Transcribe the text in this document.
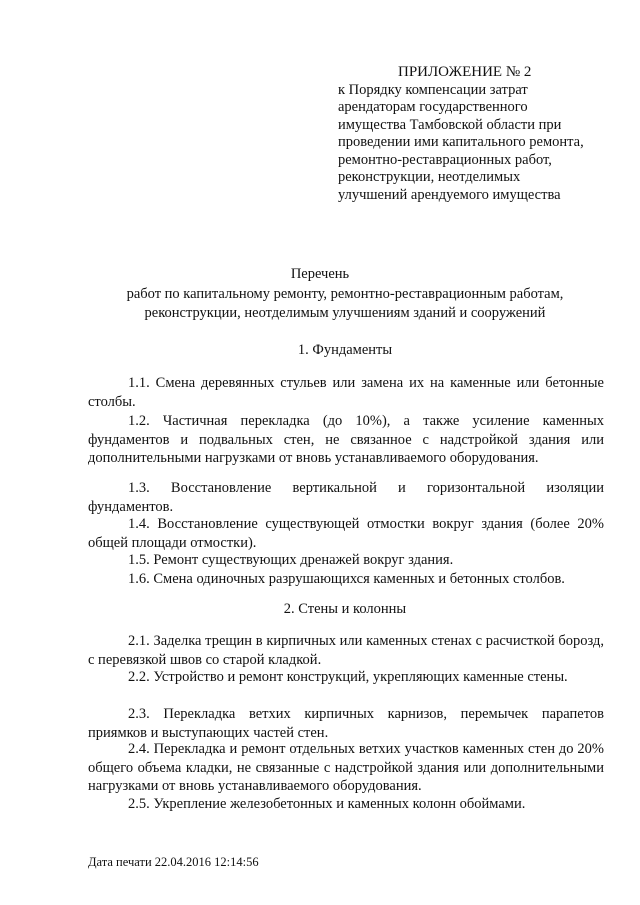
ПРИЛОЖЕНИЕ № 2
к Порядку компенсации затрат
арендаторам государственного
имущества Тамбовской области при
проведении ими капитального ремонта,
ремонтно-реставрационных работ,
реконструкции, неотделимых
улучшений арендуемого имущества
Перечень
работ по капитальному ремонту, ремонтно-реставрационным работам, реконструкции, неотделимым улучшениям зданий и сооружений
1. Фундаменты
1.1. Смена деревянных стульев или замена их на каменные или бетонные столбы.
1.2. Частичная перекладка (до 10%), а также усиление каменных фундаментов и подвальных стен, не связанное с надстройкой здания или дополнительными нагрузками от вновь устанавливаемого оборудования.
1.3. Восстановление вертикальной и горизонтальной изоляции фундаментов.
1.4. Восстановление существующей отмостки вокруг здания (более 20% общей площади отмостки).
1.5. Ремонт существующих дренажей вокруг здания.
1.6. Смена одиночных разрушающихся каменных и бетонных столбов.
2. Стены и колонны
2.1. Заделка трещин в кирпичных или каменных стенах с расчисткой борозд, с перевязкой швов со старой кладкой.
2.2. Устройство и ремонт конструкций, укрепляющих каменные стены.
2.3. Перекладка ветхих кирпичных карнизов, перемычек парапетов приямков и выступающих частей стен.
2.4. Перекладка и ремонт отдельных ветхих участков каменных стен до 20% общего объема кладки, не связанные с надстройкой здания или дополнительными нагрузками от вновь устанавливаемого оборудования.
2.5. Укрепление железобетонных и каменных колонн обоймами.
Дата печати 22.04.2016 12:14:56
